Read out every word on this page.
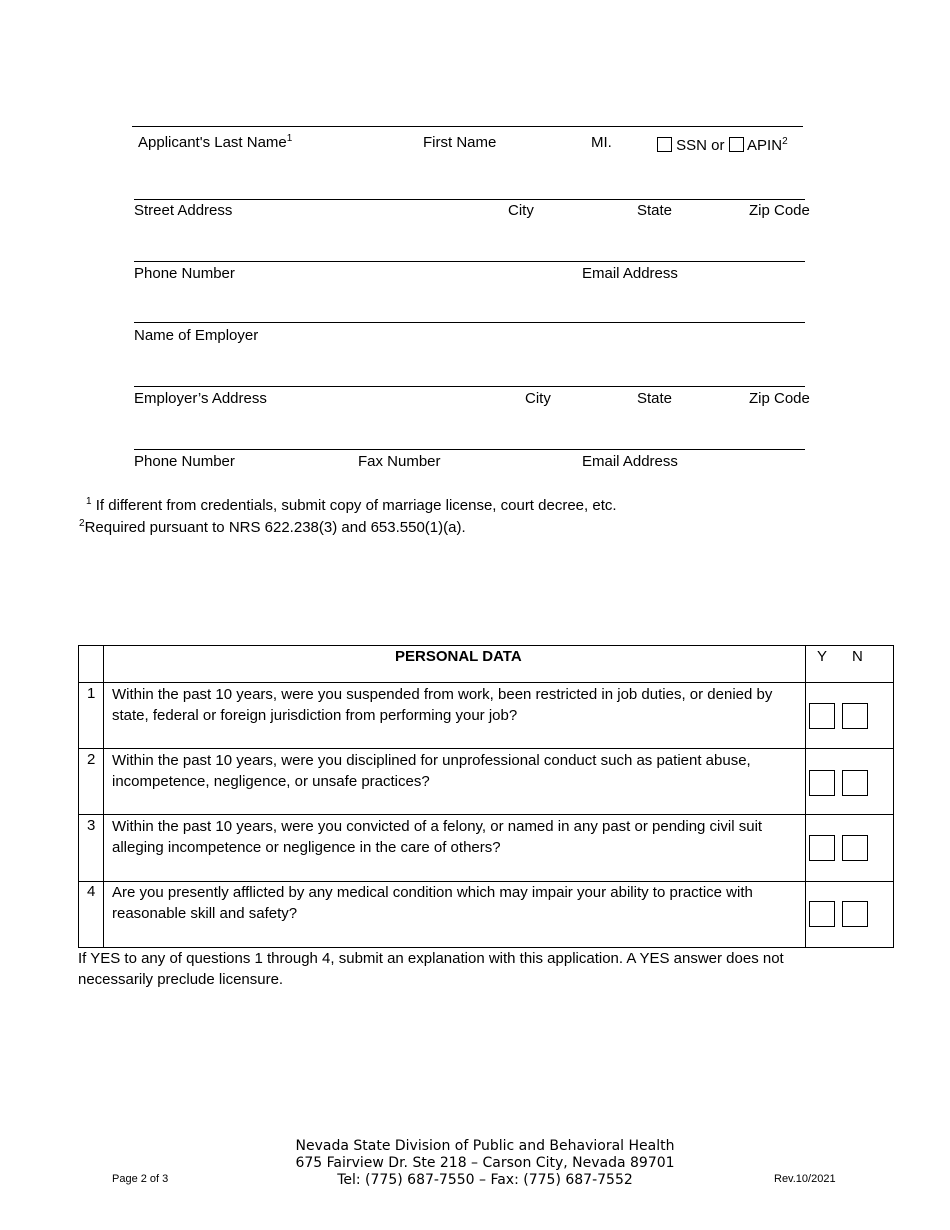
Applicant's Last Name$^1$	First Name	MI.	SSN or APIN$^2$
Street Address	City	State	Zip Code
Phone Number	Email Address
Name of Employer
Employer’s Address	City	State	Zip Code
Phone Number	Fax Number	Email Address
$^1$ If different from credentials, submit copy of marriage license, court decree, etc.
$^2$Required pursuant to NRS 622.238(3) and 653.550(1)(a).
PERSONAL DATA	Y N
1 Within the past 10 years, were you suspended from work, been restricted in job duties, or denied by state, federal or foreign jurisdiction from performing your job?
2 Within the past 10 years, were you disciplined for unprofessional conduct such as patient abuse, incompetence, negligence, or unsafe practices?
3 Within the past 10 years, were you convicted of a felony, or named in any past or pending civil suit alleging incompetence or negligence in the care of others?
4 Are you presently afflicted by any medical condition which may impair your ability to practice with reasonable skill and safety?
If YES to any of questions 1 through 4, submit an explanation with this application. A YES answer does not necessarily preclude licensure.
Page 2 of 3
Nevada State Division of Public and Behavioral Health
675 Fairview Dr. Ste 218 – Carson City, Nevada 89701
Tel: (775) 687-7550 – Fax: (775) 687-7552	Rev.10/2021
